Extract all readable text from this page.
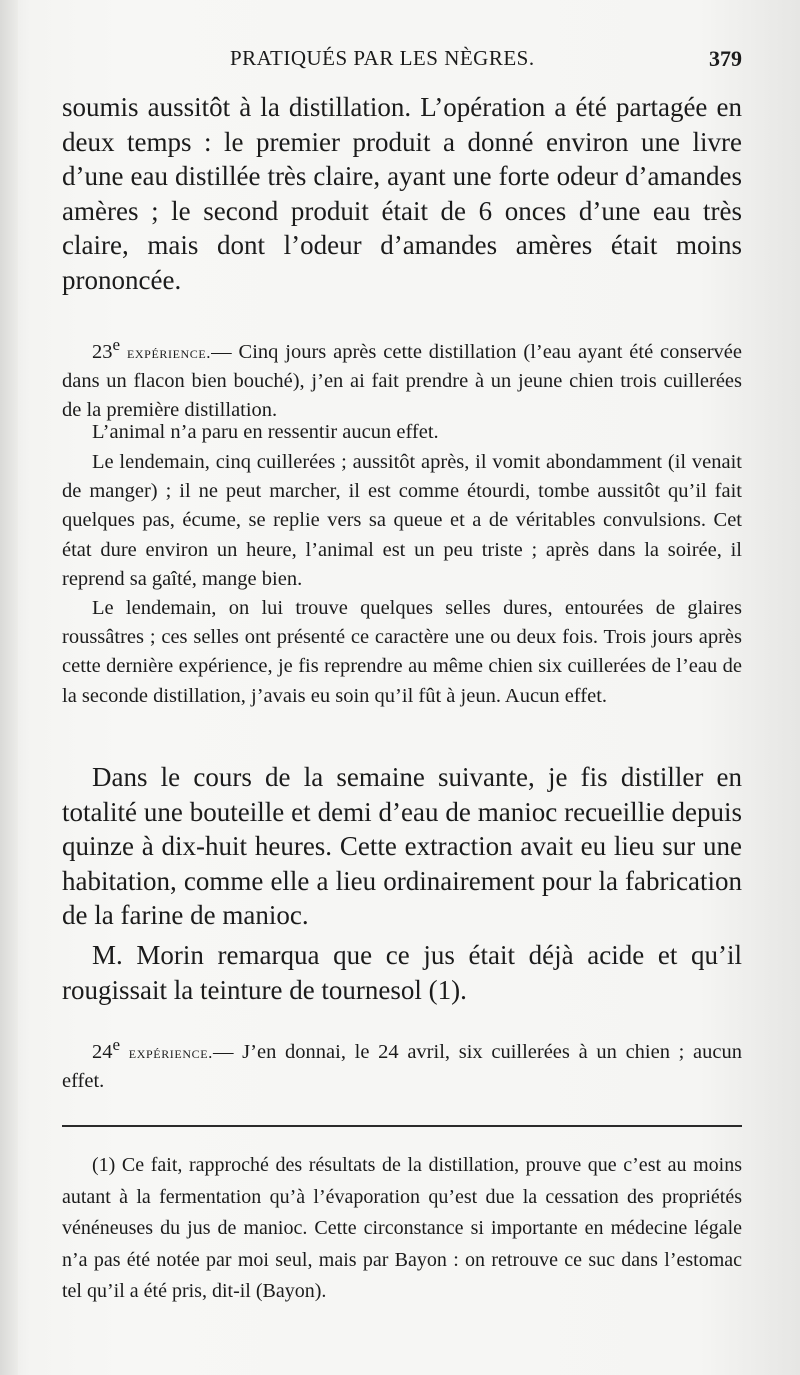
PRATIQUÉS PAR LES NÈGRES.	379

soumis aussitôt à la distillation. L’opération a été partagée en deux temps : le premier produit a donné environ une livre d’une eau distillée très claire, ayant une forte odeur d’amandes amères ; le second produit était de 6 onces d’une eau très claire, mais dont l’odeur d’amandes amères était moins prononcée.

23e expérience.— Cinq jours après cette distillation (l’eau ayant été conservée dans un flacon bien bouché), j’en ai fait prendre à un jeune chien trois cuillerées de la première distillation.

L’animal n’a paru en ressentir aucun effet.

Le lendemain, cinq cuillerées ; aussitôt après, il vomit abondamment (il venait de manger) ; il ne peut marcher, il est comme étourdi, tombe aussitôt qu’il fait quelques pas, écume, se replie vers sa queue et a de véritables convulsions. Cet état dure environ un heure, l’animal est un peu triste ; après dans la soirée, il reprend sa gaîté, mange bien.

Le lendemain, on lui trouve quelques selles dures, entourées de glaires roussâtres ; ces selles ont présenté ce caractère une ou deux fois. Trois jours après cette dernière expérience, je fis reprendre au même chien six cuillerées de l’eau de la seconde distillation, j’avais eu soin qu’il fût à jeun. Aucun effet.

Dans le cours de la semaine suivante, je fis distiller en totalité une bouteille et demi d’eau de manioc recueillie depuis quinze à dix-huit heures. Cette extraction avait eu lieu sur une habitation, comme elle a lieu ordinairement pour la fabrication de la farine de manioc.

M. Morin remarqua que ce jus était déjà acide et qu’il rougissait la teinture de tournesol (1).

24e expérience.— J’en donnai, le 24 avril, six cuillerées à un chien ; aucun effet.

(1) Ce fait, rapproché des résultats de la distillation, prouve que c’est au moins autant à la fermentation qu’à l’évaporation qu’est due la cessation des propriétés vénéneuses du jus de manioc. Cette circonstance si importante en médecine légale n’a pas été notée par moi seul, mais par Bayon : on retrouve ce suc dans l’estomac tel qu’il a été pris, dit-il (Bayon).
